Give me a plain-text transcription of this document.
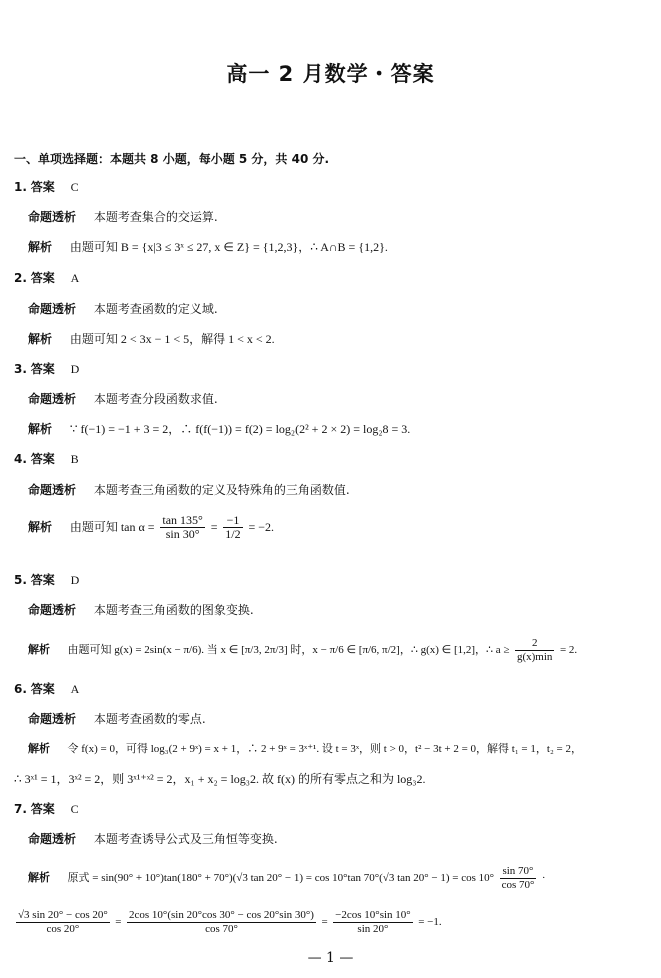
高一 2 月数学・答案
一、单项选择题：本题共 8 小题，每小题 5 分，共 40 分.
1. 答案 C
命题透析 本题考查集合的交运算.
解析 由题可知 B = {x|3 ≤ 3ˣ ≤ 27, x ∈ Z} = {1,2,3}，∴ A∩B = {1,2}.
2. 答案 A
命题透析 本题考查函数的定义域.
解析 由题可知 2 < 3x − 1 < 5，解得 1 < x < 2.
3. 答案 D
命题透析 本题考查分段函数求值.
解析 ∵ f(−1) = −1 + 3 = 2，∴ f(f(−1)) = f(2) = log₂(2² + 2 × 2) = log₂8 = 3.
4. 答案 B
命题透析 本题考查三角函数的定义及特殊角的三角函数值.
解析 由题可知 $\tan \alpha = \frac{\tan 135^\circ}{\sin 30^\circ} = \frac{-1}{1/2} = -2$.
5. 答案 D
命题透析 本题考查三角函数的图象变换.
解析 由题可知 g(x) = 2sin(x − π/6). 当 x ∈ [π/3, 2π/3] 时，x − π/6 ∈ [π/6, π/2]，∴ g(x) ∈ [1,2]，∴ $a \ge \frac{2}{g(x)\min} = 2$.
6. 答案 A
命题透析 本题考查函数的零点.
解析 令 f(x) = 0，可得 log₃(2 + 9ˣ) = x + 1，∴ 2 + 9ˣ = 3ˣ⁺¹. 设 t = 3ˣ，则 t > 0，t² − 3t + 2 = 0，解得 t₁ = 1，t₂ = 2，
∴ 3ˣ¹ = 1，3ˣ² = 2，则 3ˣ¹⁺ˣ² = 2，x₁ + x₂ = log₃2. 故 f(x) 的所有零点之和为 log₃2.
7. 答案 C
命题透析 本题考查诱导公式及三角恒等变换.
解析 原式 = sin(90° + 10°)tan(180° + 70°)(√3 tan 20° − 1) = cos 10°tan 70°(√3 $\tan 20^\circ - 1) = \cos 10^\circ \frac{\sin 70^\circ}{\cos 70^\circ}$ ·
$\frac{√3 \sin 20^\circ - \cos 20^\circ}{\cos 20^\circ} = \frac{2\cos 10^\circ(\sin 20^\circ\cos 30^\circ - \cos 20^\circ\sin 30^\circ)}{\cos 70^\circ} = \frac{-2\cos 10^\circ\sin 10^\circ}{\sin 20^\circ} = -1$.
— 1 —
